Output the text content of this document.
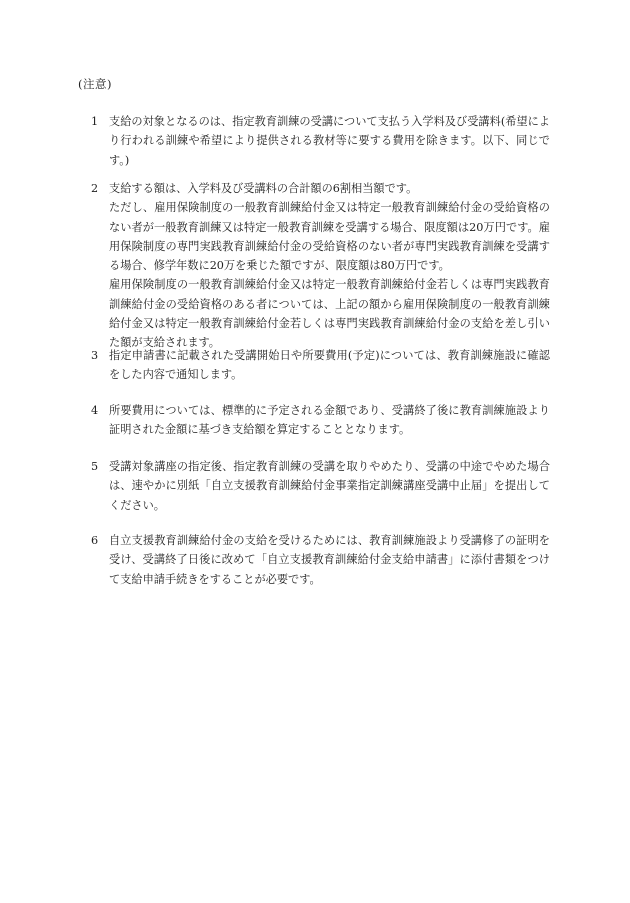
(注意)
1 支給の対象となるのは、指定教育訓練の受講について支払う入学料及び受講料(希望により行われる訓練や希望により提供される教材等に要する費用を除きます。以下、同じです。)

2 支給する額は、入学料及び受講料の合計額の6割相当額です。

ただし、雇用保険制度の一般教育訓練給付金又は特定一般教育訓練給付金の受給資格のない者が一般教育訓練又は特定一般教育訓練を受講する場合、限度額は20万円です。雇用保険制度の専門実践教育訓練給付金の受給資格のない者が専門実践教育訓練を受講する場合、修学年数に20万を乗じた額ですが、限度額は80万円です。

雇用保険制度の一般教育訓練給付金又は特定一般教育訓練給付金若しくは専門実践教育訓練給付金の受給資格のある者については、上記の額から雇用保険制度の一般教育訓練給付金又は特定一般教育訓練給付金若しくは専門実践教育訓練給付金の支給を差し引いた額が支給されます。

3 指定申請書に記載された受講開始日や所要費用(予定)については、教育訓練施設に確認をした内容で通知します。

4 所要費用については、標準的に予定される金額であり、受講終了後に教育訓練施設より証明された金額に基づき支給額を算定することとなります。

5 受講対象講座の指定後、指定教育訓練の受講を取りやめたり、受講の中途でやめた場合は、速やかに別紙「自立支援教育訓練給付金事業指定訓練講座受講中止届」を提出してください。

6 自立支援教育訓練給付金の支給を受けるためには、教育訓練施設より受講修了の証明を受け、受講終了日後に改めて「自立支援教育訓練給付金支給申請書」に添付書類をつけて支給申請手続きをすることが必要です。
